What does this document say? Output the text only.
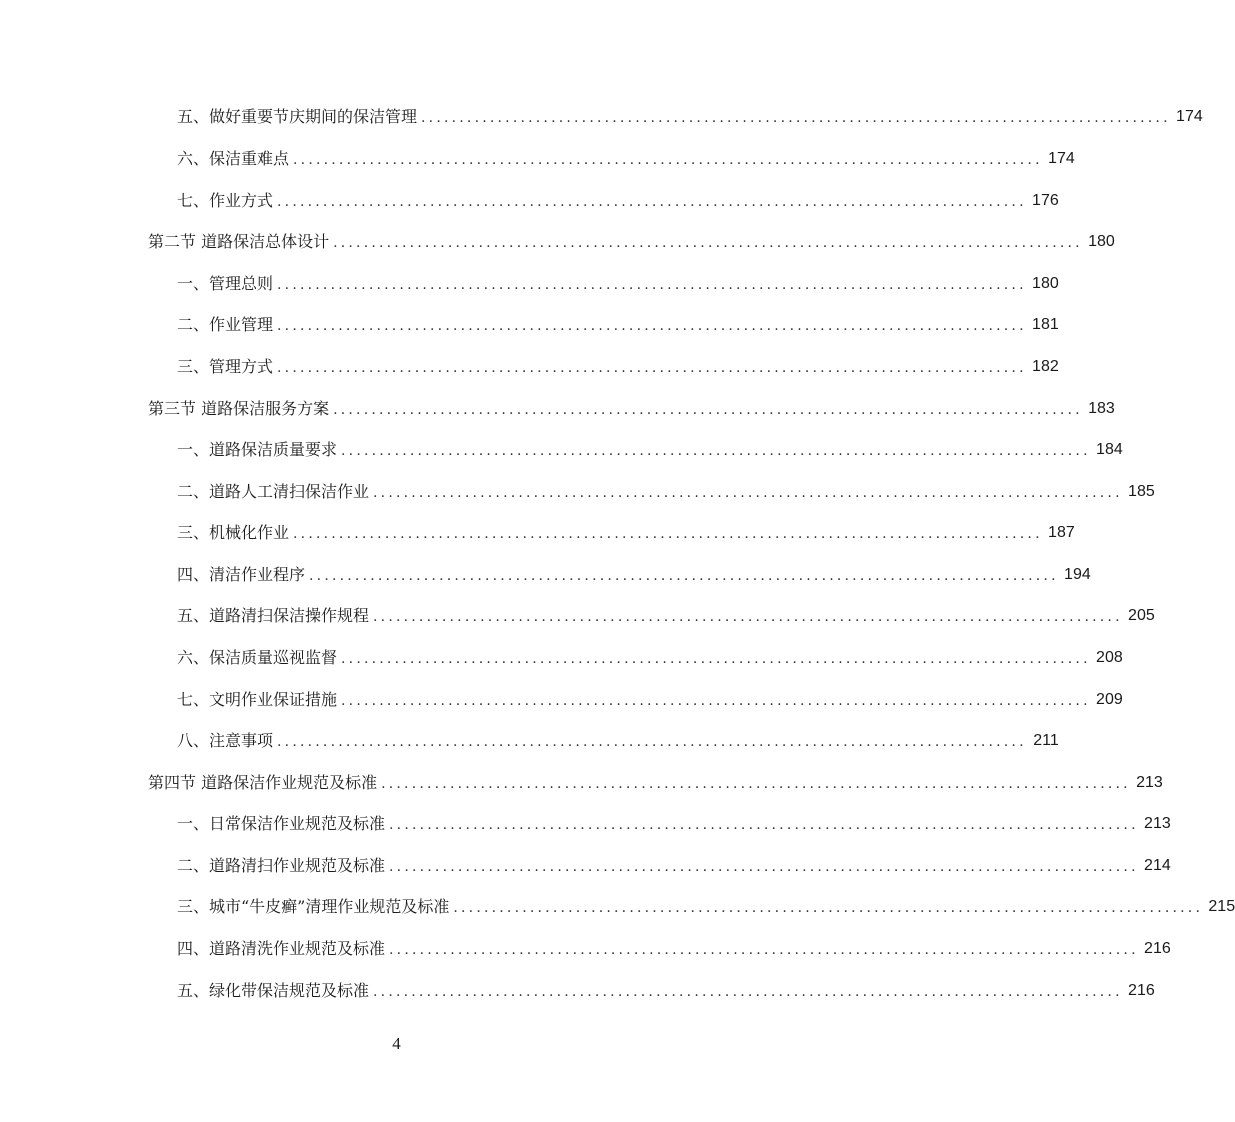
五、做好重要节庆期间的保洁管理 .................................................................................................. 174
六、保洁重难点 .................................................................................................. 174
七、作业方式 .................................................................................................. 176
第二节 道路保洁总体设计 .................................................................................................. 180
一、管理总则 .................................................................................................. 180
二、作业管理 .................................................................................................. 181
三、管理方式 .................................................................................................. 182
第三节 道路保洁服务方案 .................................................................................................. 183
一、道路保洁质量要求 .................................................................................................. 184
二、道路人工清扫保洁作业 .................................................................................................. 185
三、机械化作业 .................................................................................................. 187
四、清洁作业程序 .................................................................................................. 194
五、道路清扫保洁操作规程 .................................................................................................. 205
六、保洁质量巡视监督 .................................................................................................. 208
七、文明作业保证措施 .................................................................................................. 209
八、注意事项 .................................................................................................. 211
第四节 道路保洁作业规范及标准 .................................................................................................. 213
一、日常保洁作业规范及标准 .................................................................................................. 213
二、道路清扫作业规范及标准 .................................................................................................. 214
三、城市“牛皮癣”清理作业规范及标准 .................................................................................................. 215
四、道路清洗作业规范及标准 .................................................................................................. 216
五、绿化带保洁规范及标准 .................................................................................................. 216
4
